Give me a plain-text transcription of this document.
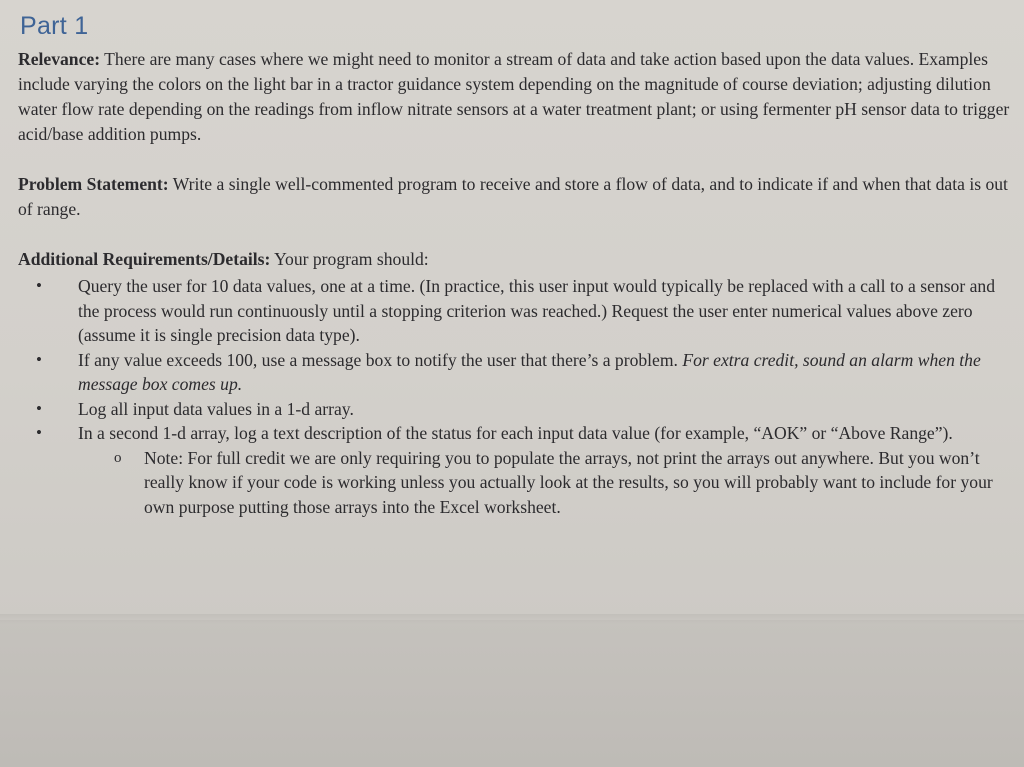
Part 1

Relevance: There are many cases where we might need to monitor a stream of data and take action based upon the data values. Examples include varying the colors on the light bar in a tractor guidance system depending on the magnitude of course deviation; adjusting dilution water flow rate depending on the readings from inflow nitrate sensors at a water treatment plant; or using fermenter pH sensor data to trigger acid/base addition pumps.

Problem Statement: Write a single well-commented program to receive and store a flow of data, and to indicate if and when that data is out of range.

Additional Requirements/Details: Your program should:

• Query the user for 10 data values, one at a time. (In practice, this user input would typically be replaced with a call to a sensor and the process would run continuously until a stopping criterion was reached.) Request the user enter numerical values above zero (assume it is single precision data type).
• If any value exceeds 100, use a message box to notify the user that there’s a problem. For extra credit, sound an alarm when the message box comes up.
• Log all input data values in a 1-d array.
• In a second 1-d array, log a text description of the status for each input data value (for example, “AOK” or “Above Range”).
o Note: For full credit we are only requiring you to populate the arrays, not print the arrays out anywhere. But you won’t really know if your code is working unless you actually look at the results, so you will probably want to include for your own purpose putting those arrays into the Excel worksheet.
